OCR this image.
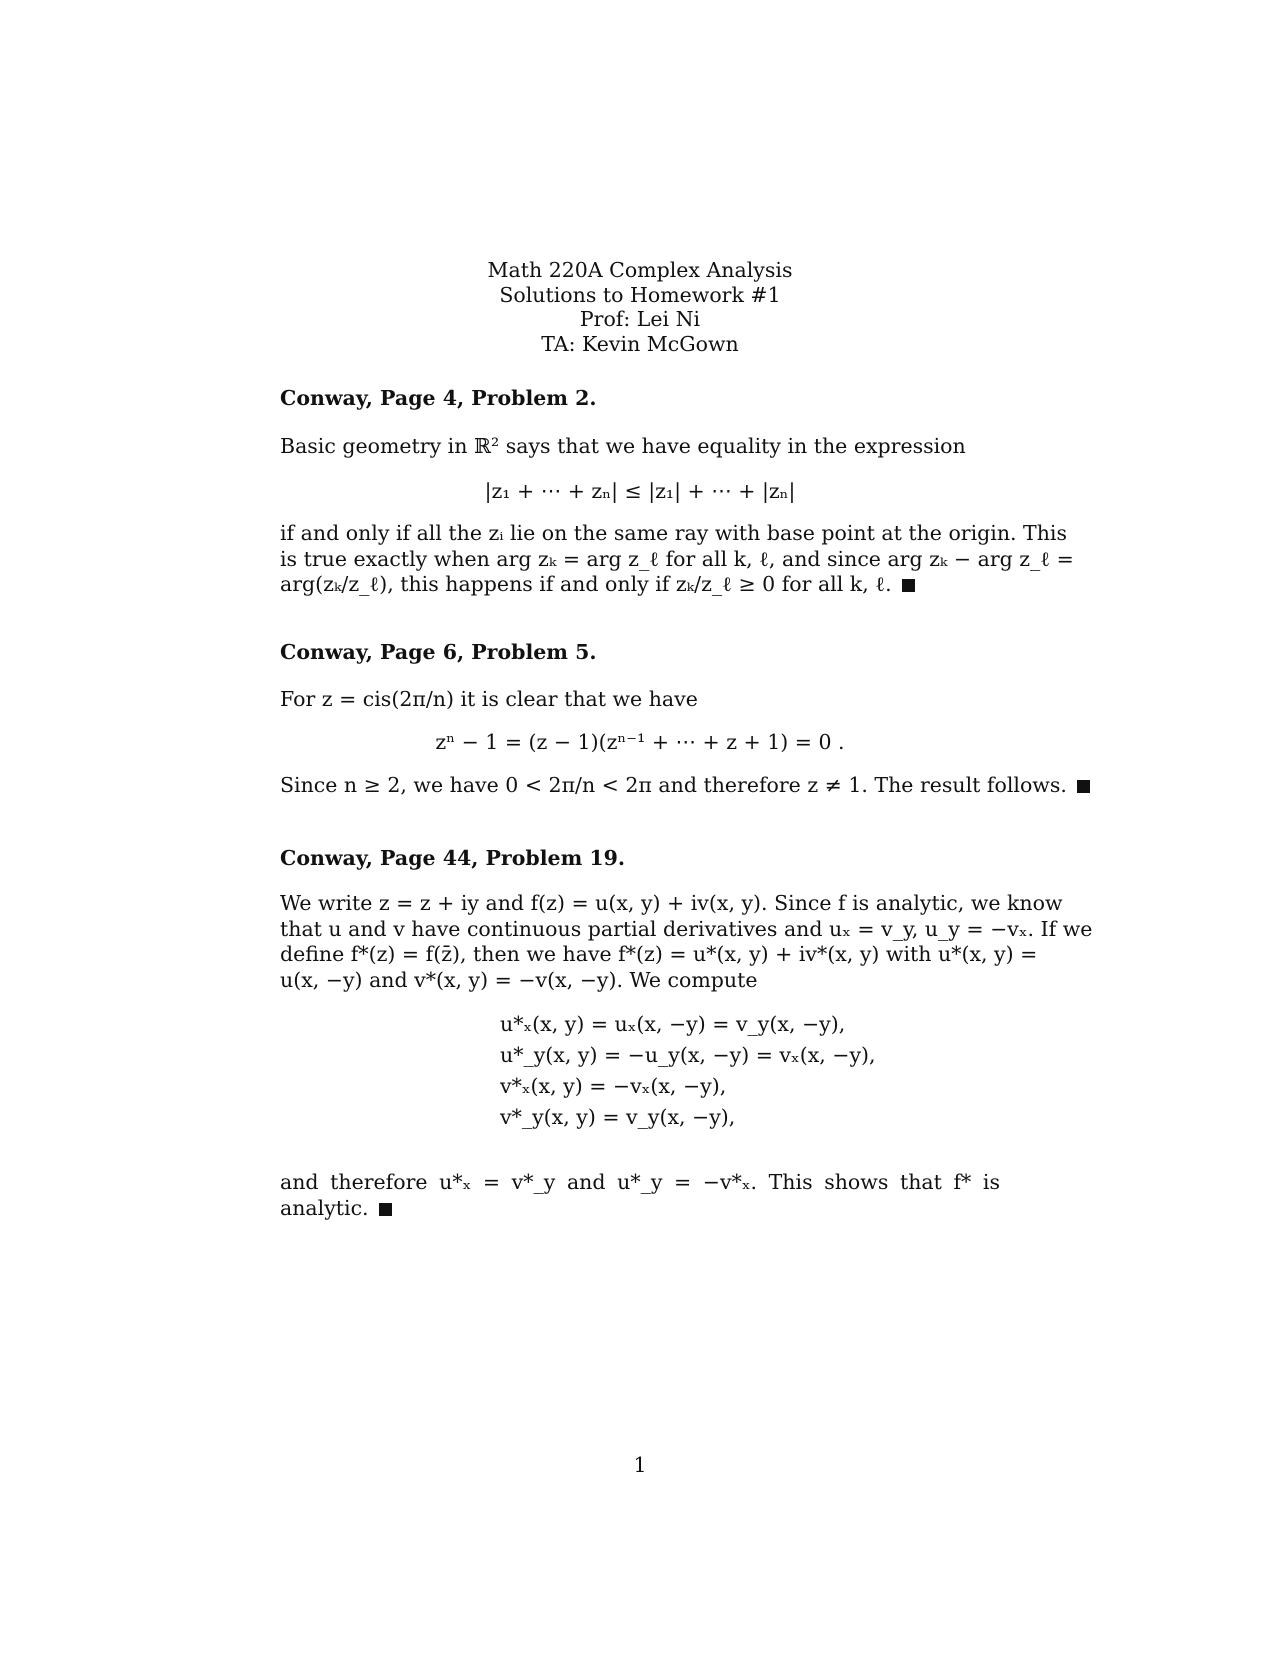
Math 220A Complex Analysis
Solutions to Homework #1
Prof: Lei Ni
TA: Kevin McGown
Conway, Page 4, Problem 2.
Basic geometry in ℝ² says that we have equality in the expression
|z₁ + ⋯ + zₙ| ≤ |z₁| + ⋯ + |zₙ|
if and only if all the zᵢ lie on the same ray with base point at the origin. This
is true exactly when arg zₖ = arg z_ℓ for all k, ℓ, and since arg zₖ − arg z_ℓ =
arg(zₖ/z_ℓ), this happens if and only if zₖ/z_ℓ ≥ 0 for all k, ℓ.
Conway, Page 6, Problem 5.
For z = cis(2π/n) it is clear that we have
zⁿ − 1 = (z − 1)(zⁿ⁻¹ + ⋯ + z + 1) = 0 .
Since n ≥ 2, we have 0 < 2π/n < 2π and therefore z ≠ 1. The result follows.
Conway, Page 44, Problem 19.
We write z = z + iy and f(z) = u(x, y) + iv(x, y). Since f is analytic, we know
that u and v have continuous partial derivatives and uₓ = v_y, u_y = −vₓ. If we
define f*(z) = f(z̄), then we have f*(z) = u*(x, y) + iv*(x, y) with u*(x, y) =
u(x, −y) and v*(x, y) = −v(x, −y). We compute
u*ₓ(x, y) = uₓ(x, −y) = v_y(x, −y),
u*_y(x, y) = −u_y(x, −y) = vₓ(x, −y),
v*ₓ(x, y) = −vₓ(x, −y),
v*_y(x, y) = v_y(x, −y),
and therefore u*ₓ = v*_y and u*_y = −v*ₓ. This shows that f* is analytic.
1
